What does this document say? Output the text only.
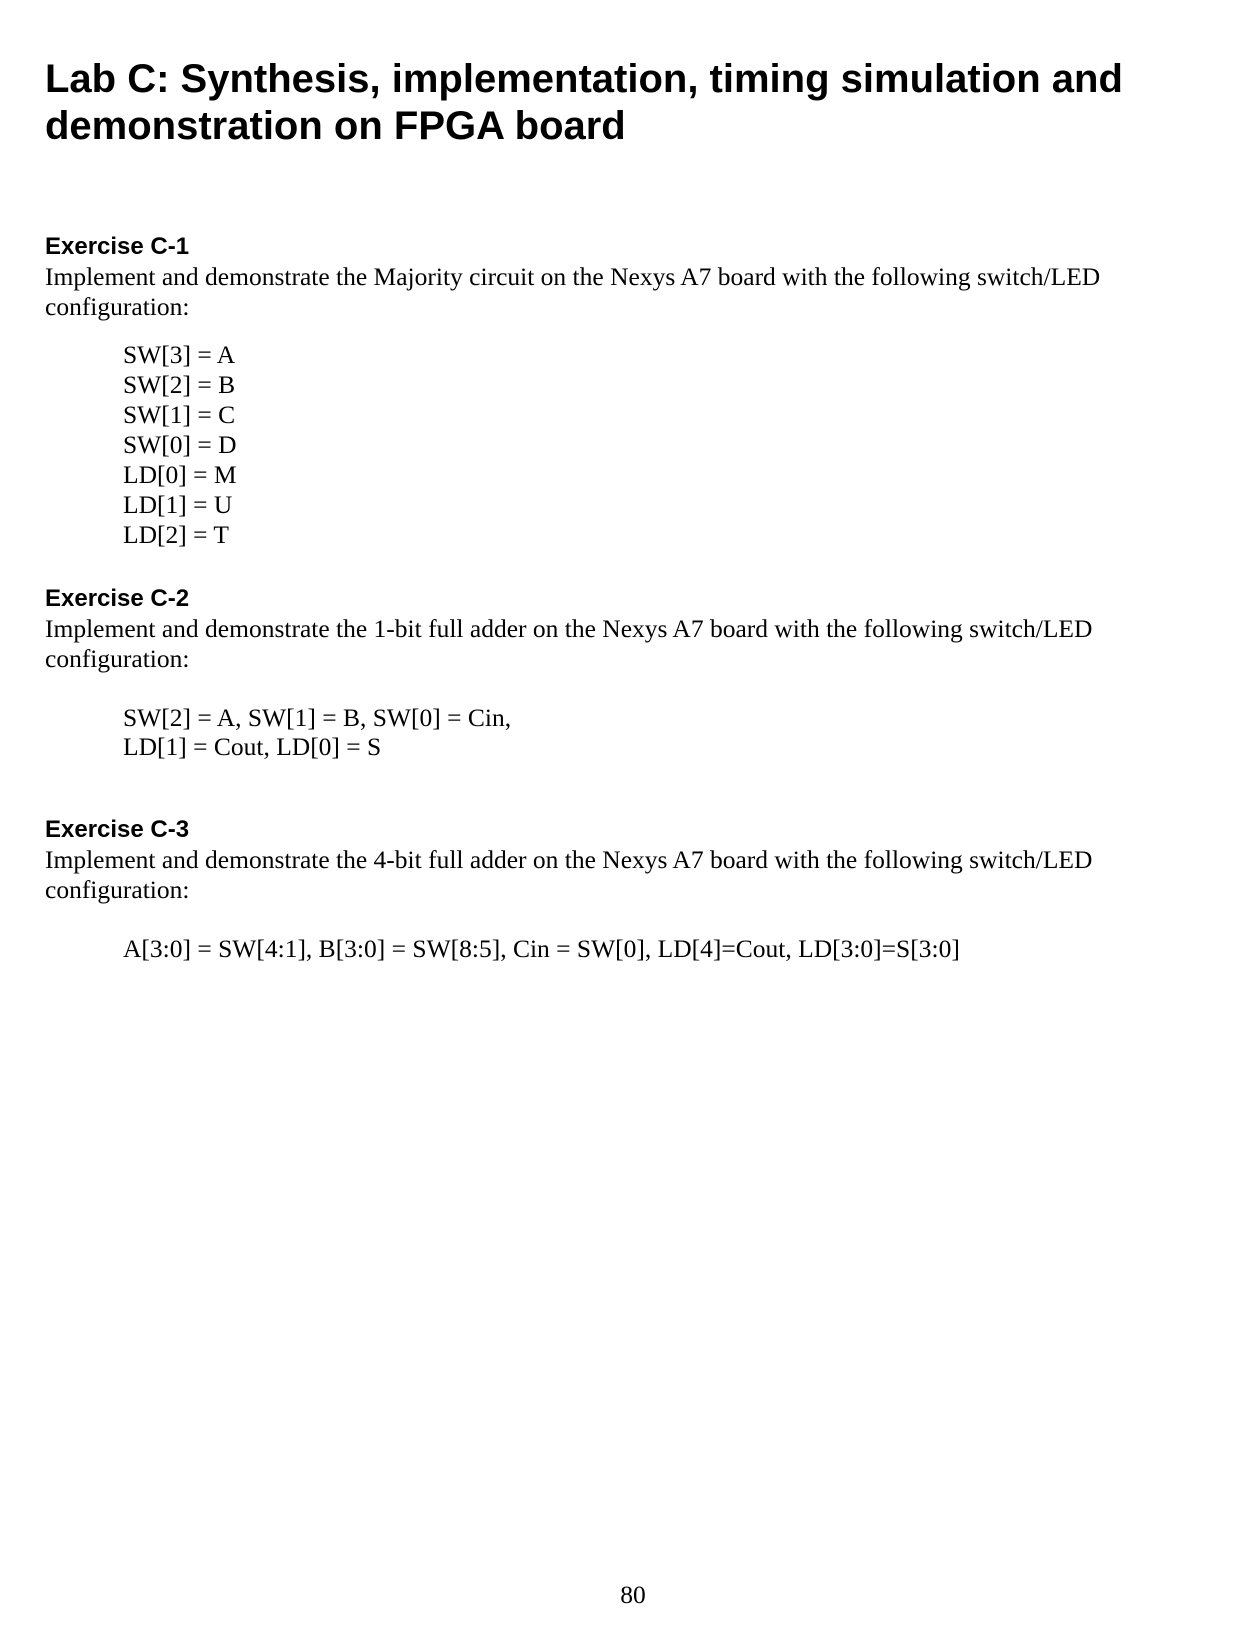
Lab C: Synthesis, implementation, timing simulation and demonstration on FPGA board
Exercise C-1

Implement and demonstrate the Majority circuit on the Nexys A7 board with the following switch/LED configuration:

SW[3] = A
SW[2] = B
SW[1] = C
SW[0] = D
LD[0] = M
LD[1] = U
LD[2] = T
Exercise C-2

Implement and demonstrate the 1-bit full adder on the Nexys A7 board with the following switch/LED configuration:

SW[2] = A, SW[1] = B, SW[0] = Cin,
LD[1] = Cout, LD[0] = S
Exercise C-3

Implement and demonstrate the 4-bit full adder on the Nexys A7 board with the following switch/LED configuration:

A[3:0] = SW[4:1], B[3:0] = SW[8:5], Cin = SW[0], LD[4]=Cout, LD[3:0]=S[3:0]
80
